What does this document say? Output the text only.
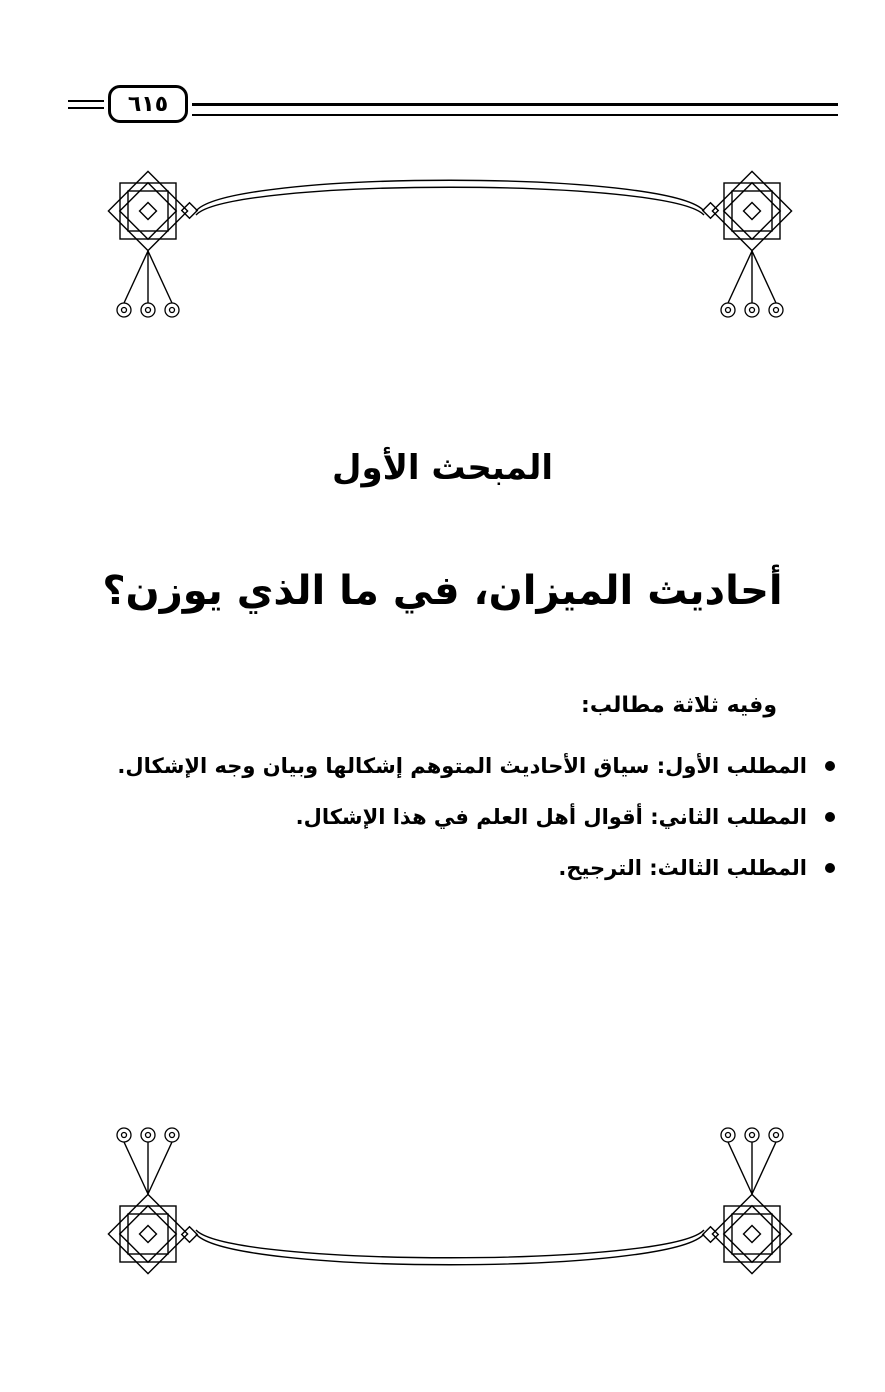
٦١٥
المبحث الأول
أحاديث الميزان، في ما الذي يوزن؟
وفيه ثلاثة مطالب:
المطلب الأول: سياق الأحاديث المتوهم إشكالها وبيان وجه الإشكال.
المطلب الثاني: أقوال أهل العلم في هذا الإشكال.
المطلب الثالث: الترجيح.
